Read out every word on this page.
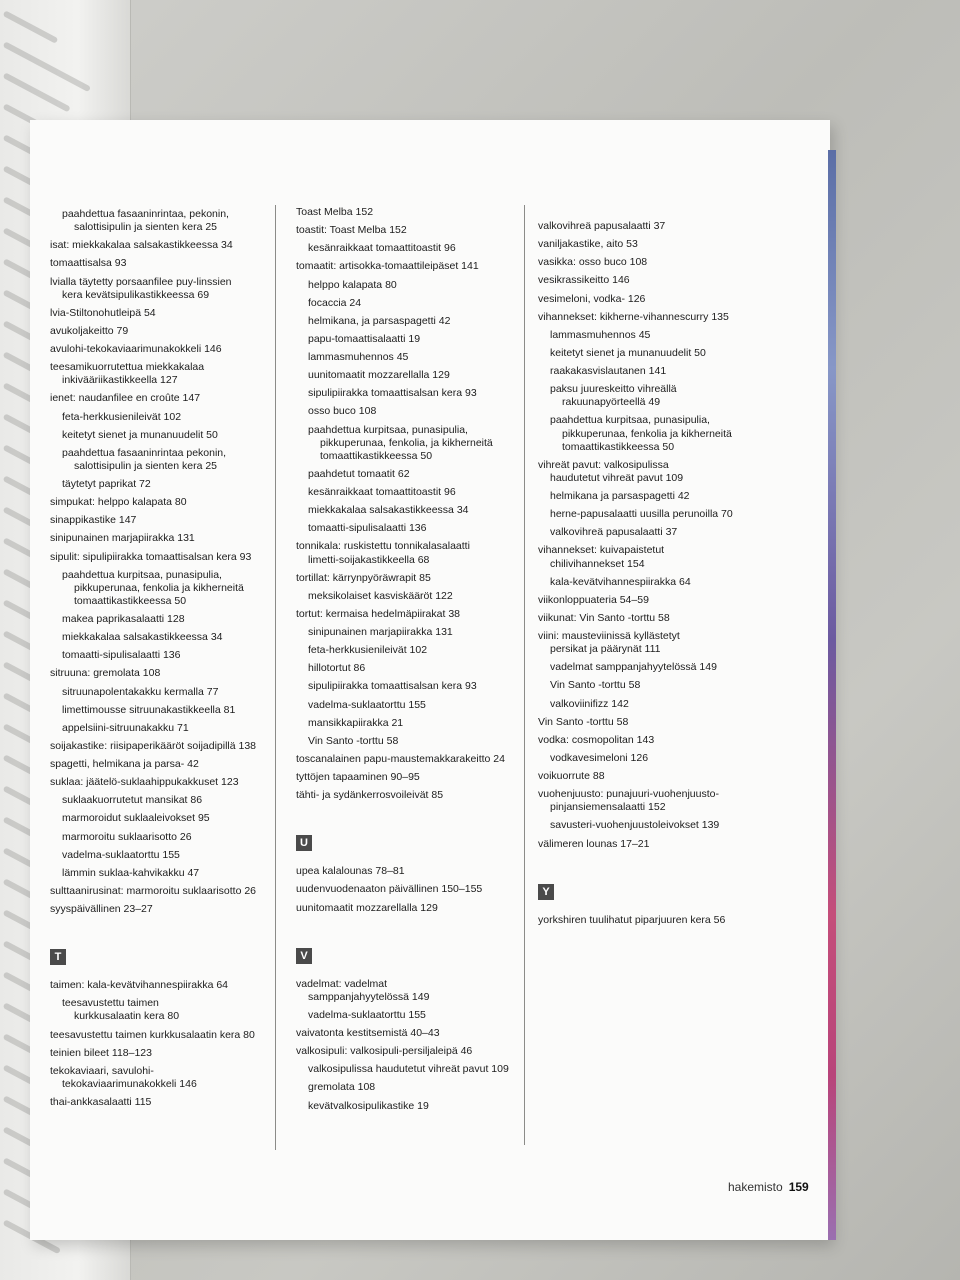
paahdettua fasaaninrintaa, pekonin,
salottisipulin ja sienten kera 25
isat: miekkakalaa salsakastikkeessa 34
tomaattisalsa 93
lvialla täytetty porsaanfilee puy-linssien
kera kevätsipulikastikkeessa 69
lvia-Stiltonohutleipä 54
avukoljakeitto 79
avulohi-tekokaviaarimunakokkeli 146
teesamikuorrutettua miekkakalaa
inkivääriikastikkeella 127
ienet: naudanfilee en croûte 147
feta-herkkusienileivät 102
keitetyt sienet ja munanuudelit 50
paahdettua fasaaninrintaa pekonin,
salottisipulin ja sienten kera 25
täytetyt paprikat 72
simpukat: helppo kalapata 80
sinappikastike 147
sinipunainen marjapiirakka 131
sipulit: sipulipiirakka tomaattisalsan kera 93
paahdettua kurpitsaa, punasipulia,
pikkuperunaa, fenkolia ja kikherneitä
tomaattikastikkeessa 50
makea paprikasalaatti 128
miekkakalaa salsakastikkeessa 34
tomaatti-sipulisalaatti 136
sitruuna: gremolata 108
sitruunapolentakakku kermalla 77
limettimousse sitruunakastikkeella 81
appelsiini-sitruunakakku 71
soijakastike: riisipaperikääröt soijadipillä 138
spagetti, helmikana ja parsa- 42
suklaa: jäätelö-suklaahippukakkuset 123
suklaakuorrutetut mansikat 86
marmoroidut suklaaleivokset 95
marmoroitu suklaarisotto 26
vadelma-suklaatorttu 155
lämmin suklaa-kahvikakku 47
sulttaanirusinat: marmoroitu suklaarisotto 26
syyspäivällinen 23–27
T
taimen: kala-kevätvihannespiirakka 64
teesavustettu taimen
kurkkusalaatin kera 80
teesavustettu taimen kurkkusalaatin kera 80
teinien bileet 118–123
tekokaviaari, savulohi-
tekokaviaarimunakokkeli 146
thai-ankkasalaatti 115
Toast Melba 152
toastit: Toast Melba 152
kesänraikkaat tomaattitoastit 96
tomaatit: artisokka-tomaattileipäset 141
helppo kalapata 80
focaccia 24
helmikana, ja parsaspagetti 42
papu-tomaattisalaatti 19
lammasmuhennos 45
uunitomaatit mozzarellalla 129
sipulipiirakka tomaattisalsan kera 93
osso buco 108
paahdettua kurpitsaa, punasipulia,
pikkuperunaa, fenkolia, ja kikherneitä
tomaattikastikkeessa 50
paahdetut tomaatit 62
kesänraikkaat tomaattitoastit 96
miekkakalaa salsakastikkeessa 34
tomaatti-sipulisalaatti 136
tonnikala: ruskistettu tonnikalasalaatti
limetti-soijakastikkeella 68
tortillat: kärrynpyöräwrapit 85
meksikolaiset kasviskääröt 122
tortut: kermaisa hedelmäpiirakat 38
sinipunainen marjapiirakka 131
feta-herkkusienileivät 102
hillotortut 86
sipulipiirakka tomaattisalsan kera 93
vadelma-suklaatorttu 155
mansikkapiirakka 21
Vin Santo -torttu 58
toscanalainen papu-maustemakkarakeitto 24
tyttöjen tapaaminen 90–95
tähti- ja sydänkerrosvoileivät 85
U
upea kalalounas 78–81
uudenvuodenaaton päivällinen 150–155
uunitomaatit mozzarellalla 129
V
vadelmat: vadelmat
samppanjahyytelössä 149
vadelma-suklaatorttu 155
vaivatonta kestitsemistä 40–43
valkosipuli: valkosipuli-persiljaleipä 46
valkosipulissa haudutetut vihreät pavut 109
gremolata 108
kevätvalkosipulikastike 19
valkovihreä papusalaatti 37
vaniljakastike, aito 53
vasikka: osso buco 108
vesikrassikeitto 146
vesimeloni, vodka- 126
vihannekset: kikherne-vihannescurry 135
lammasmuhennos 45
keitetyt sienet ja munanuudelit 50
raakakasvislautanen 141
paksu juureskeitto vihreällä
rakuunapyörteellä 49
paahdettua kurpitsaa, punasipulia,
pikkuperunaa, fenkolia ja kikherneitä
tomaattikastikkeessa 50
vihreät pavut: valkosipulissa
haudutetut vihreät pavut 109
helmikana ja parsaspagetti 42
herne-papusalaatti uusilla perunoilla 70
valkovihreä papusalaatti 37
vihannekset: kuivapaistetut
chilivihannekset 154
kala-kevätvihannespiirakka 64
viikonloppuateria 54–59
viikunat: Vin Santo -torttu 58
viini: mausteviinissä kyllästetyt
persikat ja päärynät 111
vadelmat samppanjahyytelössä 149
Vin Santo -torttu 58
valkoviinifizz 142
Vin Santo -torttu 58
vodka: cosmopolitan 143
vodkavesimeloni 126
voikuorrute 88
vuohenjuusto: punajuuri-vuohenjuusto-
pinjansiemensalaatti 152
savusteri-vuohenjuustoleivokset 139
välimeren lounas 17–21
Y
yorkshiren tuulihatut piparjuuren kera 56
hakemisto 159
